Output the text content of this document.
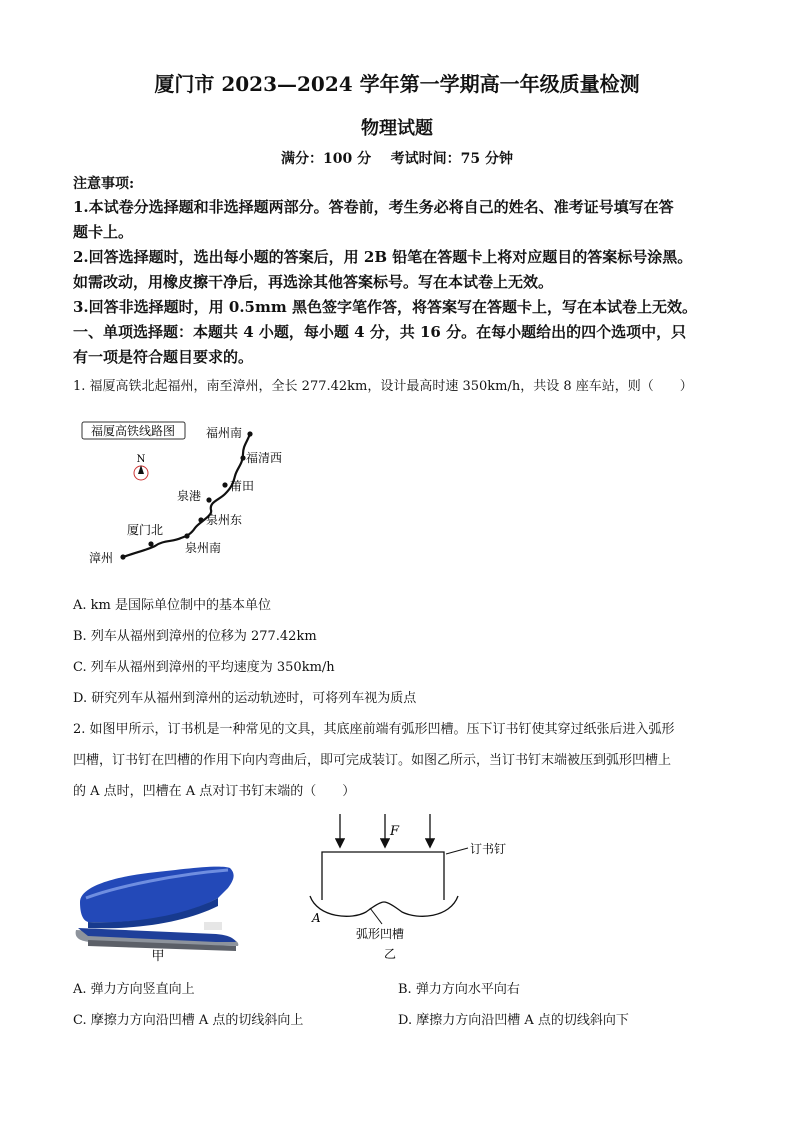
厦门市 2023—2024 学年第一学期高一年级质量检测
物理试题
满分：100 分    考试时间：75 分钟
注意事项:
1.本试卷分选择题和非选择题两部分。答卷前，考生务必将自己的姓名、准考证号填写在答
题卡上。
2.回答选择题时，选出每小题的答案后，用 2B 铅笔在答题卡上将对应题目的答案标号涂黑。
如需改动，用橡皮擦干净后，再选涂其他答案标号。写在本试卷上无效。
3.回答非选择题时，用 0.5mm 黑色签字笔作答，将答案写在答题卡上，写在本试卷上无效。
一、单项选择题：本题共 4 小题，每小题 4 分，共 16 分。在每小题给出的四个选项中，只
有一项是符合题目要求的。
1. 福厦高铁北起福州，南至漳州，全长 277.42km，设计最高时速 350km/h，共设 8 座车站，则（　　）
福厦高铁线路图
N
福州南
福清西
莆田
泉港
泉州东
泉州南
厦门北
漳州
A. km 是国际单位制中的基本单位
B. 列车从福州到漳州的位移为 277.42km
C. 列车从福州到漳州的平均速度为 350km/h
D. 研究列车从福州到漳州的运动轨迹时，可将列车视为质点
2. 如图甲所示，订书机是一种常见的文具，其底座前端有弧形凹槽。压下订书钉使其穿过纸张后进入弧形
凹槽，订书钉在凹槽的作用下向内弯曲后，即可完成装订。如图乙所示，当订书钉末端被压到弧形凹槽上
的 A 点时，凹槽在 A 点对订书钉末端的（　　）
甲
F
订书钉
A
弧形凹槽
乙
A. 弹力方向竖直向上	B. 弹力方向水平向右
C. 摩擦力方向沿凹槽 A 点的切线斜向上	D. 摩擦力方向沿凹槽 A 点的切线斜向下
